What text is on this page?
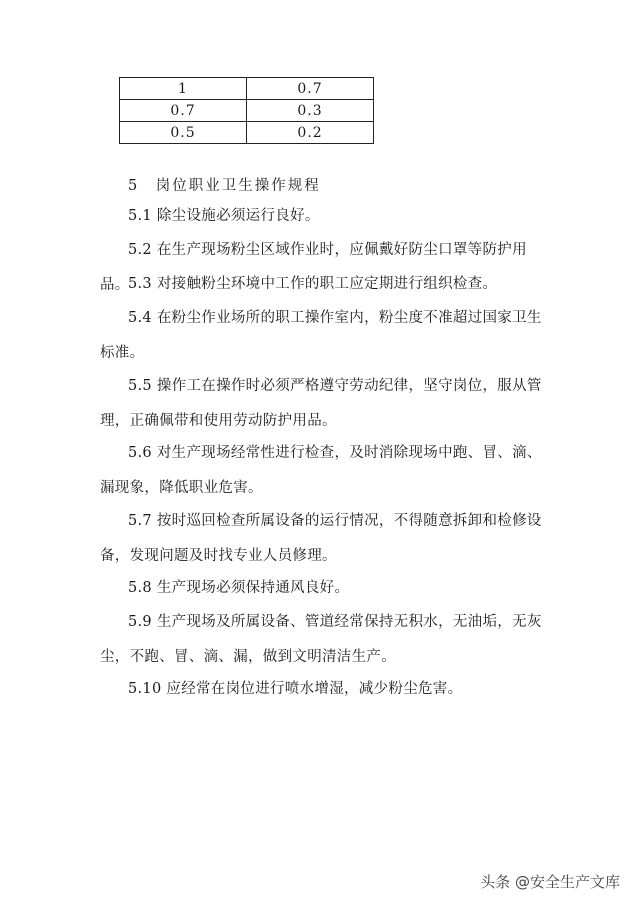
1	0.7
0.7	0.3
0.5	0.2
5　岗位职业卫生操作规程

5.1 除尘设施必须运行良好。

5.2 在生产现场粉尘区域作业时，应佩戴好防尘口罩等防护用品。

5.3 对接触粉尘环境中工作的职工应定期进行组织检查。

5.4 在粉尘作业场所的职工操作室内，粉尘度不准超过国家卫生标准。

5.5 操作工在操作时必须严格遵守劳动纪律，坚守岗位，服从管理，正确佩带和使用劳动防护用品。

5.6 对生产现场经常性进行检查，及时消除现场中跑、冒、滴、漏现象，降低职业危害。

5.7 按时巡回检查所属设备的运行情况，不得随意拆卸和检修设备，发现问题及时找专业人员修理。

5.8 生产现场必须保持通风良好。

5.9 生产现场及所属设备、管道经常保持无积水，无油垢，无灰尘，不跑、冒、滴、漏，做到文明清洁生产。

5.10 应经常在岗位进行喷水增湿，减少粉尘危害。

头条 @安全生产文库
